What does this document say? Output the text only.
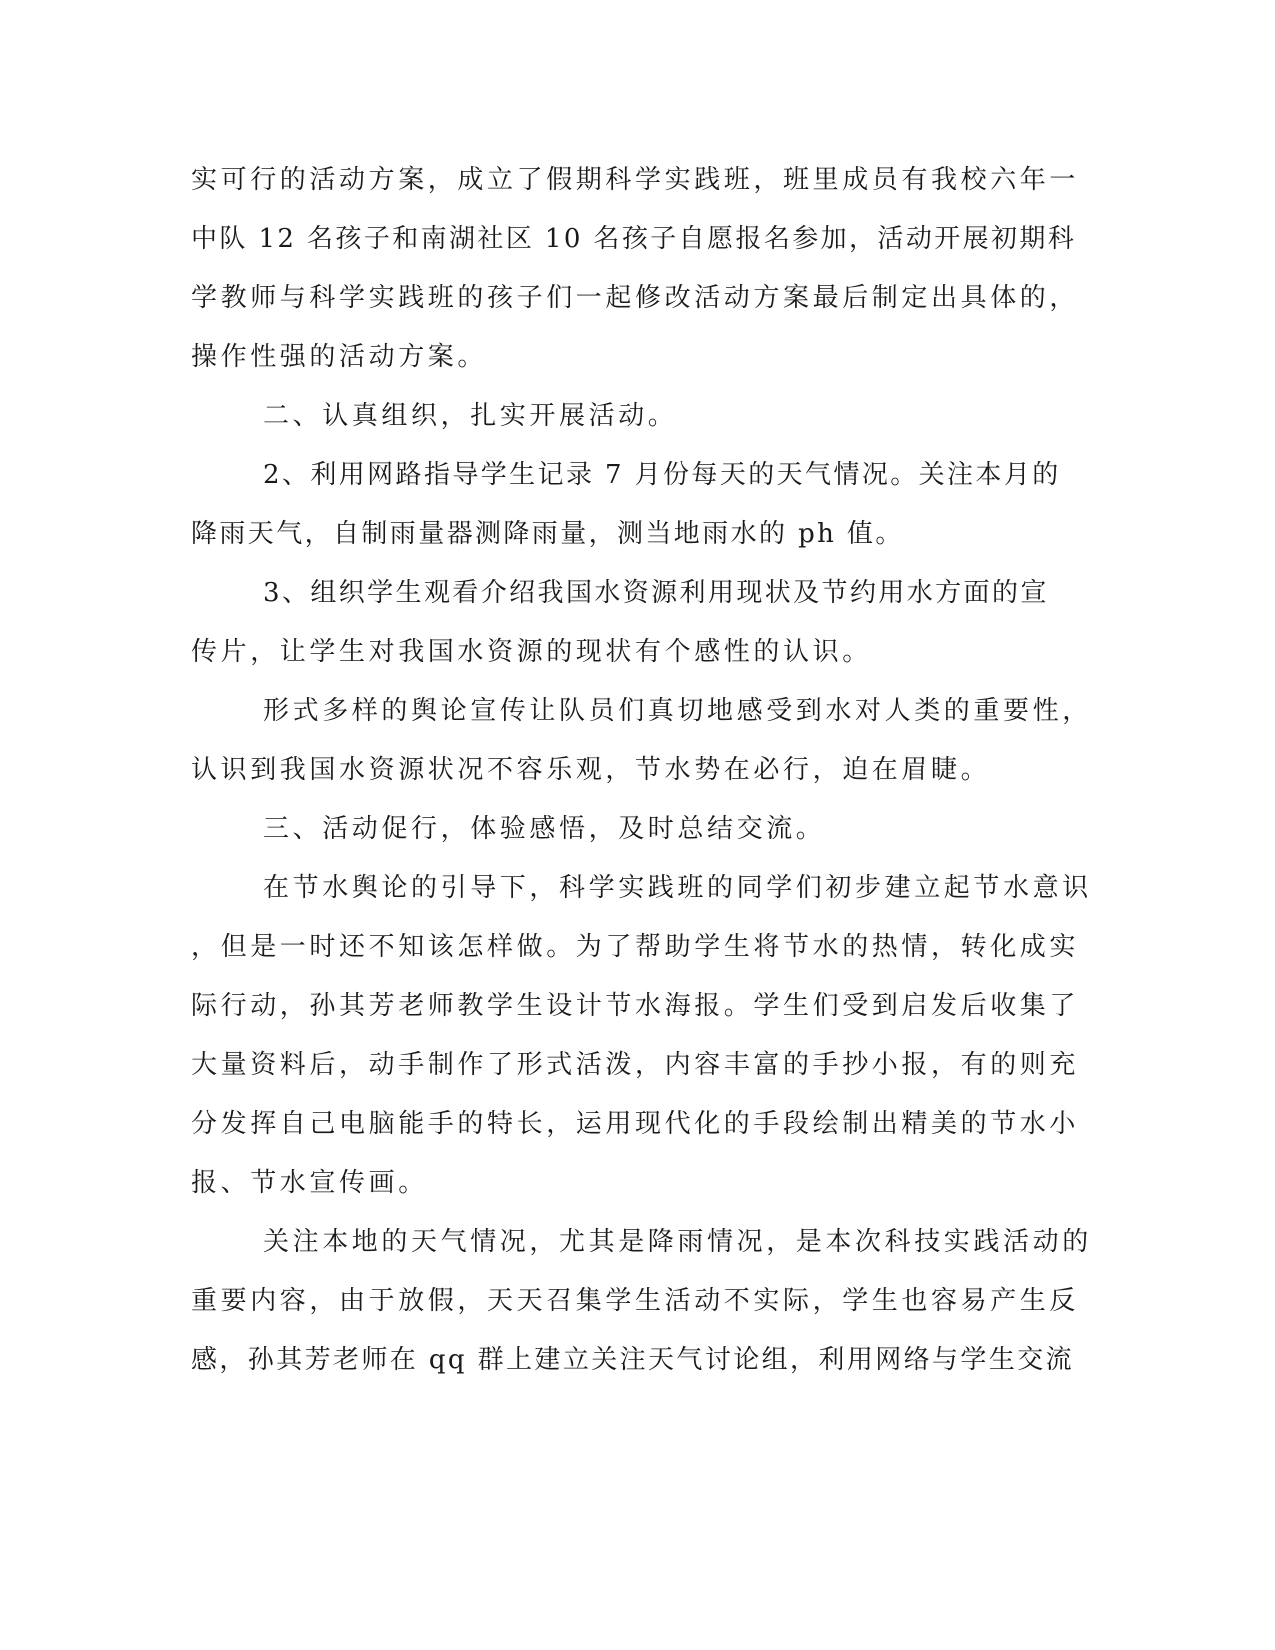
实可行的活动方案，成立了假期科学实践班，班里成员有我校六年一

中队 12 名孩子和南湖社区 10 名孩子自愿报名参加，活动开展初期科

学教师与科学实践班的孩子们一起修改活动方案最后制定出具体的，

操作性强的活动方案。

二、认真组织，扎实开展活动。

2、利用网路指导学生记录 7 月份每天的天气情况。关注本月的

降雨天气，自制雨量器测降雨量，测当地雨水的 ph 值。

3、组织学生观看介绍我国水资源利用现状及节约用水方面的宣

传片，让学生对我国水资源的现状有个感性的认识。

形式多样的舆论宣传让队员们真切地感受到水对人类的重要性，

认识到我国水资源状况不容乐观，节水势在必行，迫在眉睫。

三、活动促行，体验感悟，及时总结交流。

在节水舆论的引导下，科学实践班的同学们初步建立起节水意识

，但是一时还不知该怎样做。为了帮助学生将节水的热情，转化成实

际行动，孙其芳老师教学生设计节水海报。学生们受到启发后收集了

大量资料后，动手制作了形式活泼，内容丰富的手抄小报，有的则充

分发挥自己电脑能手的特长，运用现代化的手段绘制出精美的节水小

报、节水宣传画。

关注本地的天气情况，尤其是降雨情况，是本次科技实践活动的

重要内容，由于放假，天天召集学生活动不实际，学生也容易产生反

感，孙其芳老师在 qq 群上建立关注天气讨论组，利用网络与学生交流
